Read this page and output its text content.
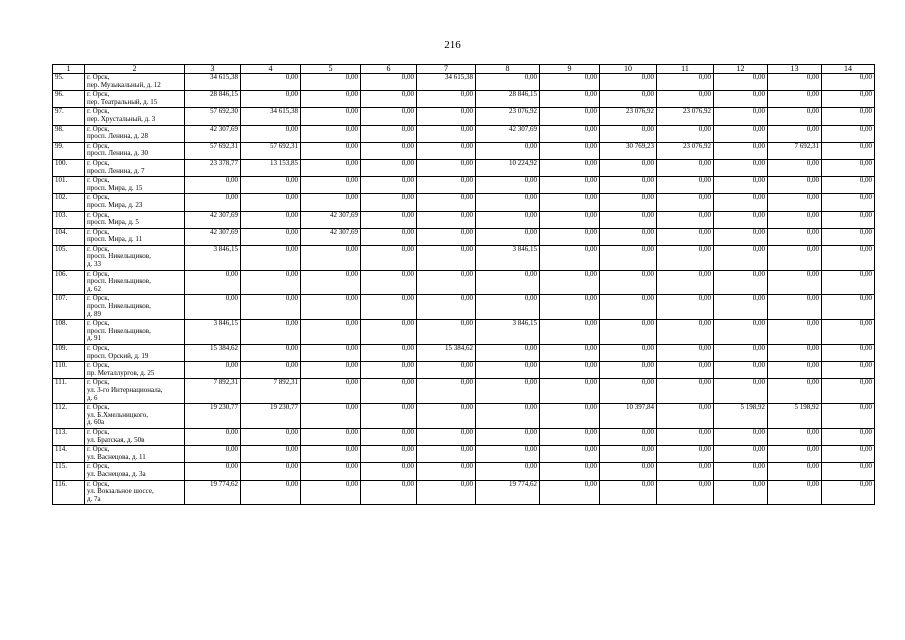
216
1	2	3	4	5	6	7	8	9	10	11	12	13	14
95.	г. Орск,
пер. Музыкальный, д. 12	34 615,38	0,00	0,00	0,00	34 615,38	0,00	0,00	0,00	0,00	0,00	0,00	0,00
96.	г. Орск,
пер. Театральный, д. 15	28 846,15	0,00	0,00	0,00	0,00	28 846,15	0,00	0,00	0,00	0,00	0,00	0,00
97.	г. Орск,
пер. Хрустальный, д. 3	57 692,30	34 615,38	0,00	0,00	0,00	23 076,92	0,00	23 076,92	23 076,92	0,00	0,00	0,00
98.	г. Орск,
просп. Ленина, д. 28	42 307,69	0,00	0,00	0,00	0,00	42 307,69	0,00	0,00	0,00	0,00	0,00	0,00
99.	г. Орск,
просп. Ленина, д. 30	57 692,31	57 692,31	0,00	0,00	0,00	0,00	0,00	30 769,23	23 076,92	0,00	7 692,31	0,00
100.	г. Орск,
просп. Ленина, д. 7	23 378,77	13 153,85	0,00	0,00	0,00	10 224,92	0,00	0,00	0,00	0,00	0,00	0,00
101.	г. Орск,
просп. Мира, д. 15	0,00	0,00	0,00	0,00	0,00	0,00	0,00	0,00	0,00	0,00	0,00	0,00
102.	г. Орск,
просп. Мира, д. 23	0,00	0,00	0,00	0,00	0,00	0,00	0,00	0,00	0,00	0,00	0,00	0,00
103.	г. Орск,
просп. Мира, д. 5	42 307,69	0,00	42 307,69	0,00	0,00	0,00	0,00	0,00	0,00	0,00	0,00	0,00
104.	г. Орск,
просп. Мира, д. 11	42 307,69	0,00	42 307,69	0,00	0,00	0,00	0,00	0,00	0,00	0,00	0,00	0,00
105.	г. Орск,
просп. Никельщиков,
д. 33	3 846,15	0,00	0,00	0,00	0,00	3 846,15	0,00	0,00	0,00	0,00	0,00	0,00
106.	г. Орск,
просп. Никельщиков,
д. 62	0,00	0,00	0,00	0,00	0,00	0,00	0,00	0,00	0,00	0,00	0,00	0,00
107.	г. Орск,
просп. Никельщиков,
д. 89	0,00	0,00	0,00	0,00	0,00	0,00	0,00	0,00	0,00	0,00	0,00	0,00
108.	г. Орск,
просп. Никельщиков,
д. 91	3 846,15	0,00	0,00	0,00	0,00	3 846,15	0,00	0,00	0,00	0,00	0,00	0,00
109.	г. Орск,
просп. Орский, д. 19	15 384,62	0,00	0,00	0,00	15 384,62	0,00	0,00	0,00	0,00	0,00	0,00	0,00
110.	г. Орск,
пр. Металлургов, д. 25	0,00	0,00	0,00	0,00	0,00	0,00	0,00	0,00	0,00	0,00	0,00	0,00
111.	г. Орск,
ул. 3-го Интернационала,
д. 6	7 892,31	7 892,31	0,00	0,00	0,00	0,00	0,00	0,00	0,00	0,00	0,00	0,00
112.	г. Орск,
ул. Б.Хмельницкого,
д. 60а	19 230,77	19 230,77	0,00	0,00	0,00	0,00	0,00	10 397,84	0,00	5 198,92	5 198,92	0,00
113.	г. Орск,
ул. Братская, д. 50в	0,00	0,00	0,00	0,00	0,00	0,00	0,00	0,00	0,00	0,00	0,00	0,00
114.	г. Орск,
ул. Васнецова, д. 11	0,00	0,00	0,00	0,00	0,00	0,00	0,00	0,00	0,00	0,00	0,00	0,00
115.	г. Орск,
ул. Васнецова, д. 3а	0,00	0,00	0,00	0,00	0,00	0,00	0,00	0,00	0,00	0,00	0,00	0,00
116.	г. Орск,
ул. Вокзальное шоссе,
д. 7а	19 774,62	0,00	0,00	0,00	0,00	19 774,62	0,00	0,00	0,00	0,00	0,00	0,00
